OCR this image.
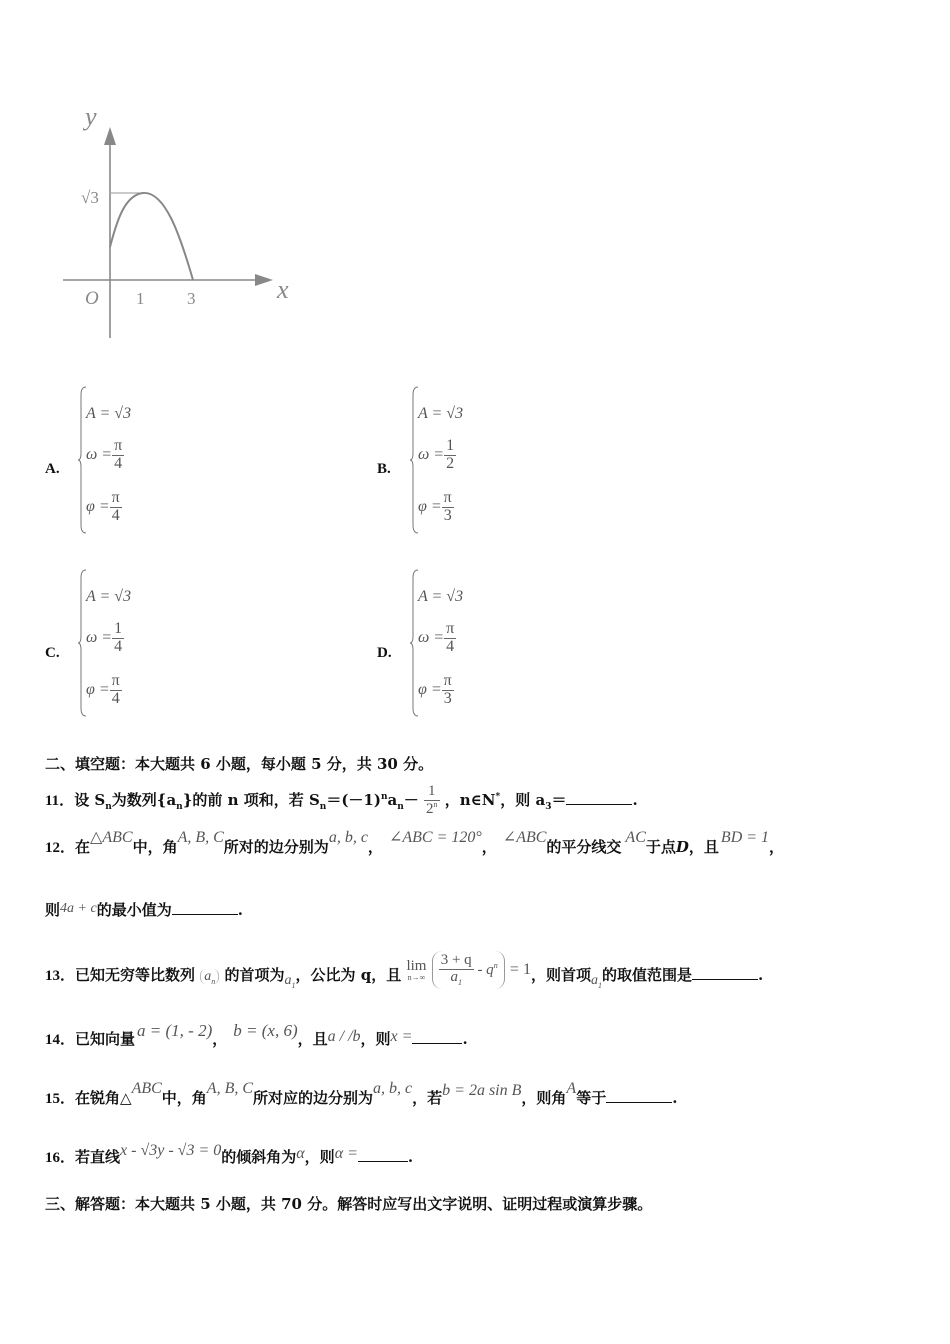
y
x
O 1	3
√3
A.
A = √3
$\omega = \frac{\pi}{4}$
$\varphi = \frac{\pi}{4}$
B.
A = √3
$\omega = \frac{1}{2}$
$\varphi = \frac{\pi}{3}$
C.
A = √3
$\omega = \frac{1}{4}$
$\varphi = \frac{\pi}{4}$
D.
A = √3
$\omega = \frac{\pi}{4}$
$\varphi = \frac{\pi}{3}$
二、填空题：本大题共 6 小题，每小题 5 分，共 30 分。
11．设 $S_n$为数列$\{a_n\}$的前 n 项和，若 $S_n=(-1)^na_n- \frac{1}{2^n}$ ，n∈N*，则 $a_3=$	.
12．在△ABC中，角A, B, C所对的边分别为a, b, c，∠ABC = 120°，∠ABC的平分线交AC于点D，且BD = 1，
则4a + c的最小值为	.
13．已知无穷等比数列 $a_n$ 的首项为$a_1$，公比为 q，且
lim
n→∞
$\frac{3 + q}{a_1} - q^n = 1$，则首项$a_1$的取值范围是	.
14．已知向量 a = (1, - 2)， b = (x, 6)，且a / /b，则x =	.
15．在锐角△ABC中，角A, B, C所对应的边分别为a, b, c，若b = 2a sin B，则角A等于	.
16．若直线x - √3y - √3 = 0的倾斜角为α，则α =	.
三、解答题：本大题共 5 小题，共 70 分。解答时应写出文字说明、证明过程或演算步骤。
